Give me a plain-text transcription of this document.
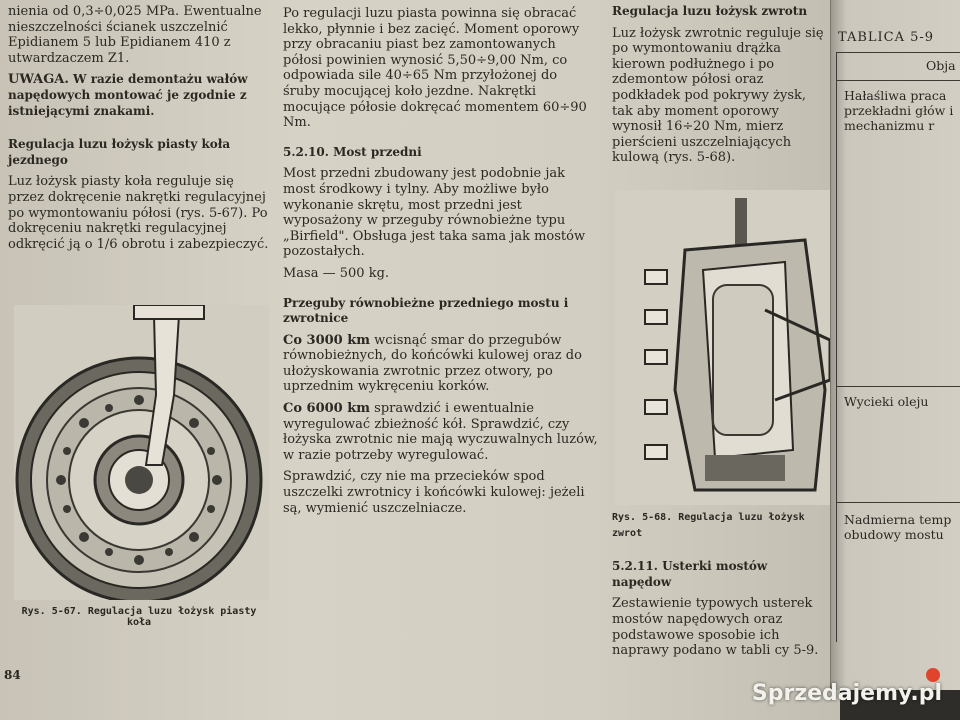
nienia od 0,3÷0,025 MPa. Ewentualne nieszczelności ścianek uszczelnić Epidianem 5 lub Epidianem 410 z utwardzaczem Z1.

UWAGA. W razie demontażu wałów napędowych montować je zgodnie z istniejącymi znakami.

Regulacja luzu łożysk piasty koła jezdnego

Luz łożysk piasty koła reguluje się przez dokręcenie nakrętki regulacyjnej po wymontowaniu półosi (rys. 5-67). Po dokręceniu nakrętki regulacyjnej odkręcić ją o 1/6 obrotu i zabezpieczyć.

Rys. 5-67. Regulacja luzu łożysk piasty koła
84

Po regulacji luzu piasta powinna się obracać lekko, płynnie i bez zacięć. Moment oporowy przy obracaniu piast bez zamontowanych półosi powinien wynosić 5,50÷9,00 Nm, co odpowiada sile 40÷65 Nm przyłożonej do śruby mocującej koło jezdne. Nakrętki mocujące półosie dokręcać momentem 60÷90 Nm.

5.2.10. Most przedni

Most przedni zbudowany jest podobnie jak most środkowy i tylny. Aby możliwe było wykonanie skrętu, most przedni jest wyposażony w przeguby równobieżne typu „Birfield". Obsługa jest taka sama jak mostów pozostałych.

Masa — 500 kg.

Przeguby równobieżne przedniego mostu i zwrotnice

Co 3000 km wcisnąć smar do przegubów równobieżnych, do końcówki kulowej oraz do ułożyskowania zwrotnic przez otwory, po uprzednim wykręceniu korków.

Co 6000 km sprawdzić i ewentualnie wyregulować zbieżność kół. Sprawdzić, czy łożyska zwrotnic nie mają wyczuwalnych luzów, w razie potrzeby wyregulować.

Sprawdzić, czy nie ma przecieków spod uszczelki zwrotnicy i końcówki kulowej: jeżeli są, wymienić uszczelniacze.

Regulacja luzu łożysk zwrotn

Luz łożysk zwrotnic reguluje się po wymontowaniu drążka kierown podłużnego i po zdemontow półosi oraz podkładek pod pokrywy żysk, tak aby moment oporowy wynosił 16÷20 Nm, mierz pierścieni uszczelniających kulową (rys. 5-68).

Rys. 5-68. Regulacja luzu łożysk zwrot

5.2.11. Usterki mostów napędow

Zestawienie typowych usterek mostów napędowych oraz podstawowe sposobie ich naprawy podano w tabli cy 5-9.

TABLICA 5-9
Obja
Hałaśliwa praca przekładni głów i mechanizmu r
Wycieki oleju
Nadmierna temp obudowy mostu
Sprzedajemy.pl
